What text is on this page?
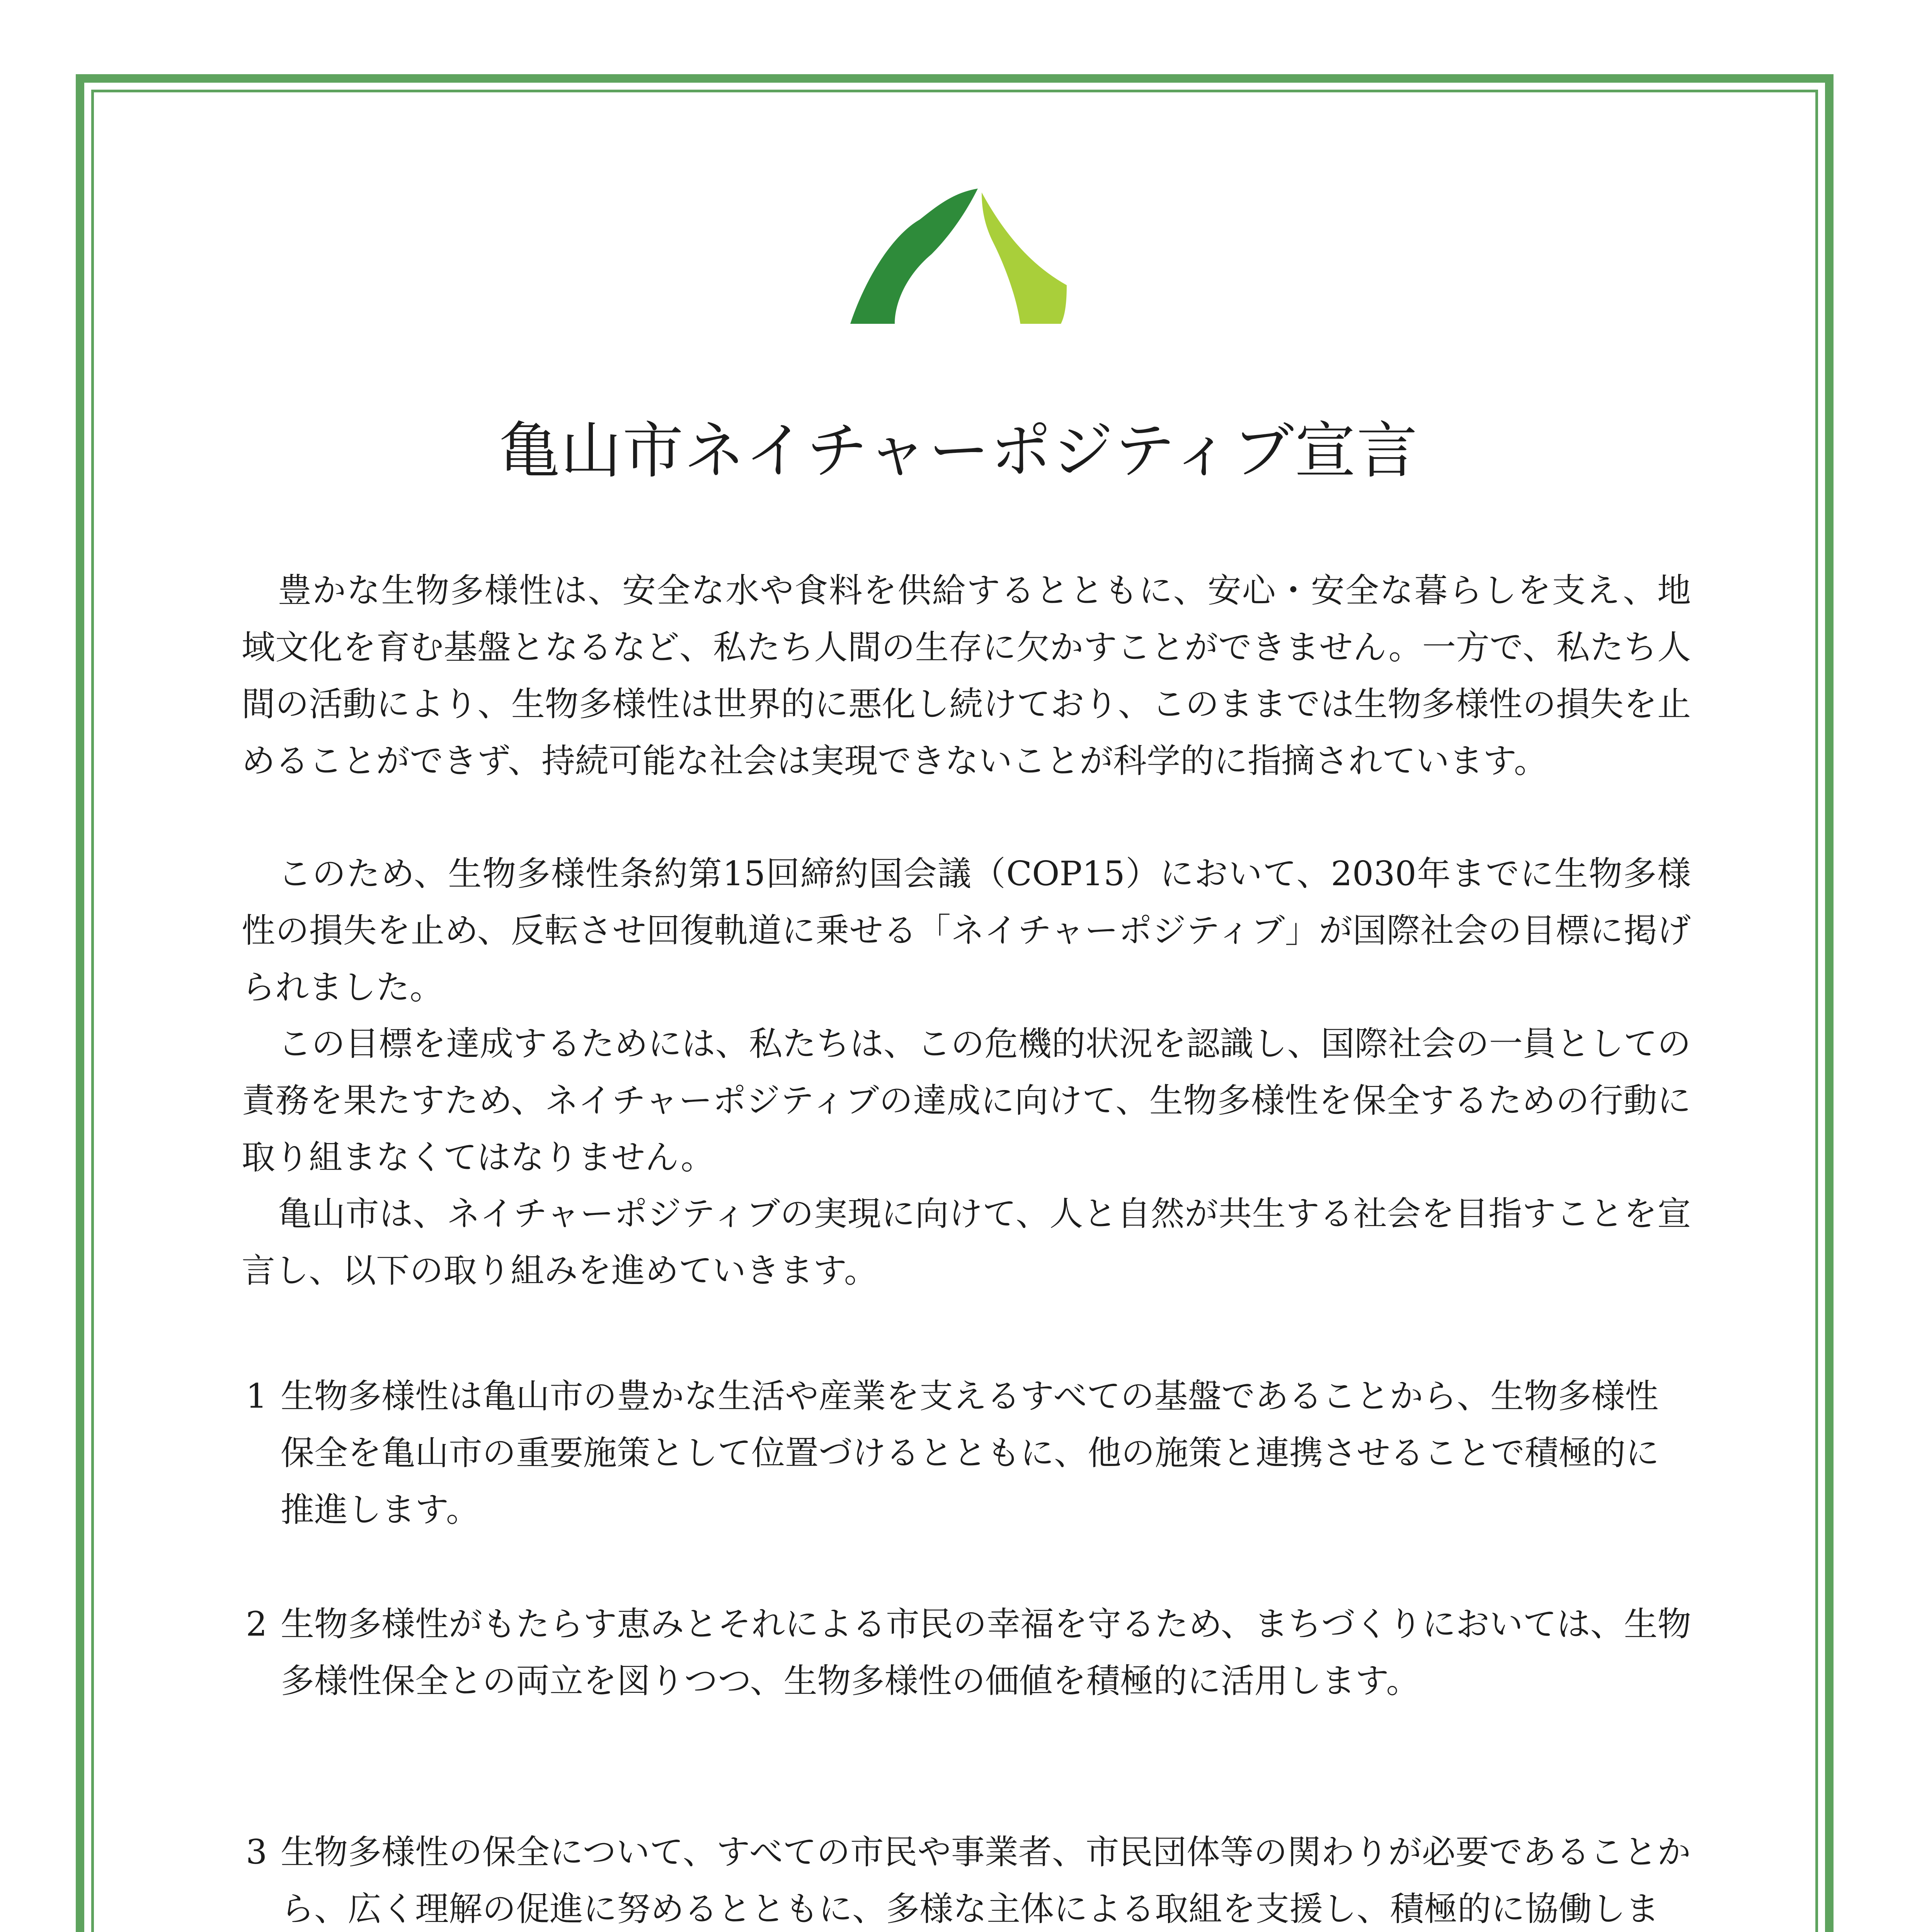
亀山市ネイチャーポジティブ宣言

豊かな生物多様性は、安全な水や食料を供給するとともに、安心・安全な暮らしを支え、地域文化を育む基盤となるなど、私たち人間の生存に欠かすことができません。一方で、私たち人間の活動により、生物多様性は世界的に悪化し続けており、このままでは生物多様性の損失を止めることができず、持続可能な社会は実現できないことが科学的に指摘されています。

このため、生物多様性条約第15回締約国会議（COP15）において、2030年までに生物多様性の損失を止め、反転させ回復軌道に乗せる「ネイチャーポジティブ」が国際社会の目標に掲げられました。

この目標を達成するためには、私たちは、この危機的状況を認識し、国際社会の一員としての責務を果たすため、ネイチャーポジティブの達成に向けて、生物多様性を保全するための行動に取り組まなくてはなりません。

亀山市は、ネイチャーポジティブの実現に向けて、人と自然が共生する社会を目指すことを宣言し、以下の取り組みを進めていきます。

1 生物多様性は亀山市の豊かな生活や産業を支えるすべての基盤であることから、生物多様性保全を亀山市の重要施策として位置づけるとともに、他の施策と連携させることで積極的に推進します。
2 生物多様性がもたらす恵みとそれによる市民の幸福を守るため、まちづくりにおいては、生物多様性保全との両立を図りつつ、生物多様性の価値を積極的に活用します。
3 生物多様性の保全について、すべての市民や事業者、市民団体等の関わりが必要であることから、広く理解の促進に努めるとともに、多様な主体による取組を支援し、積極的に協働しま
